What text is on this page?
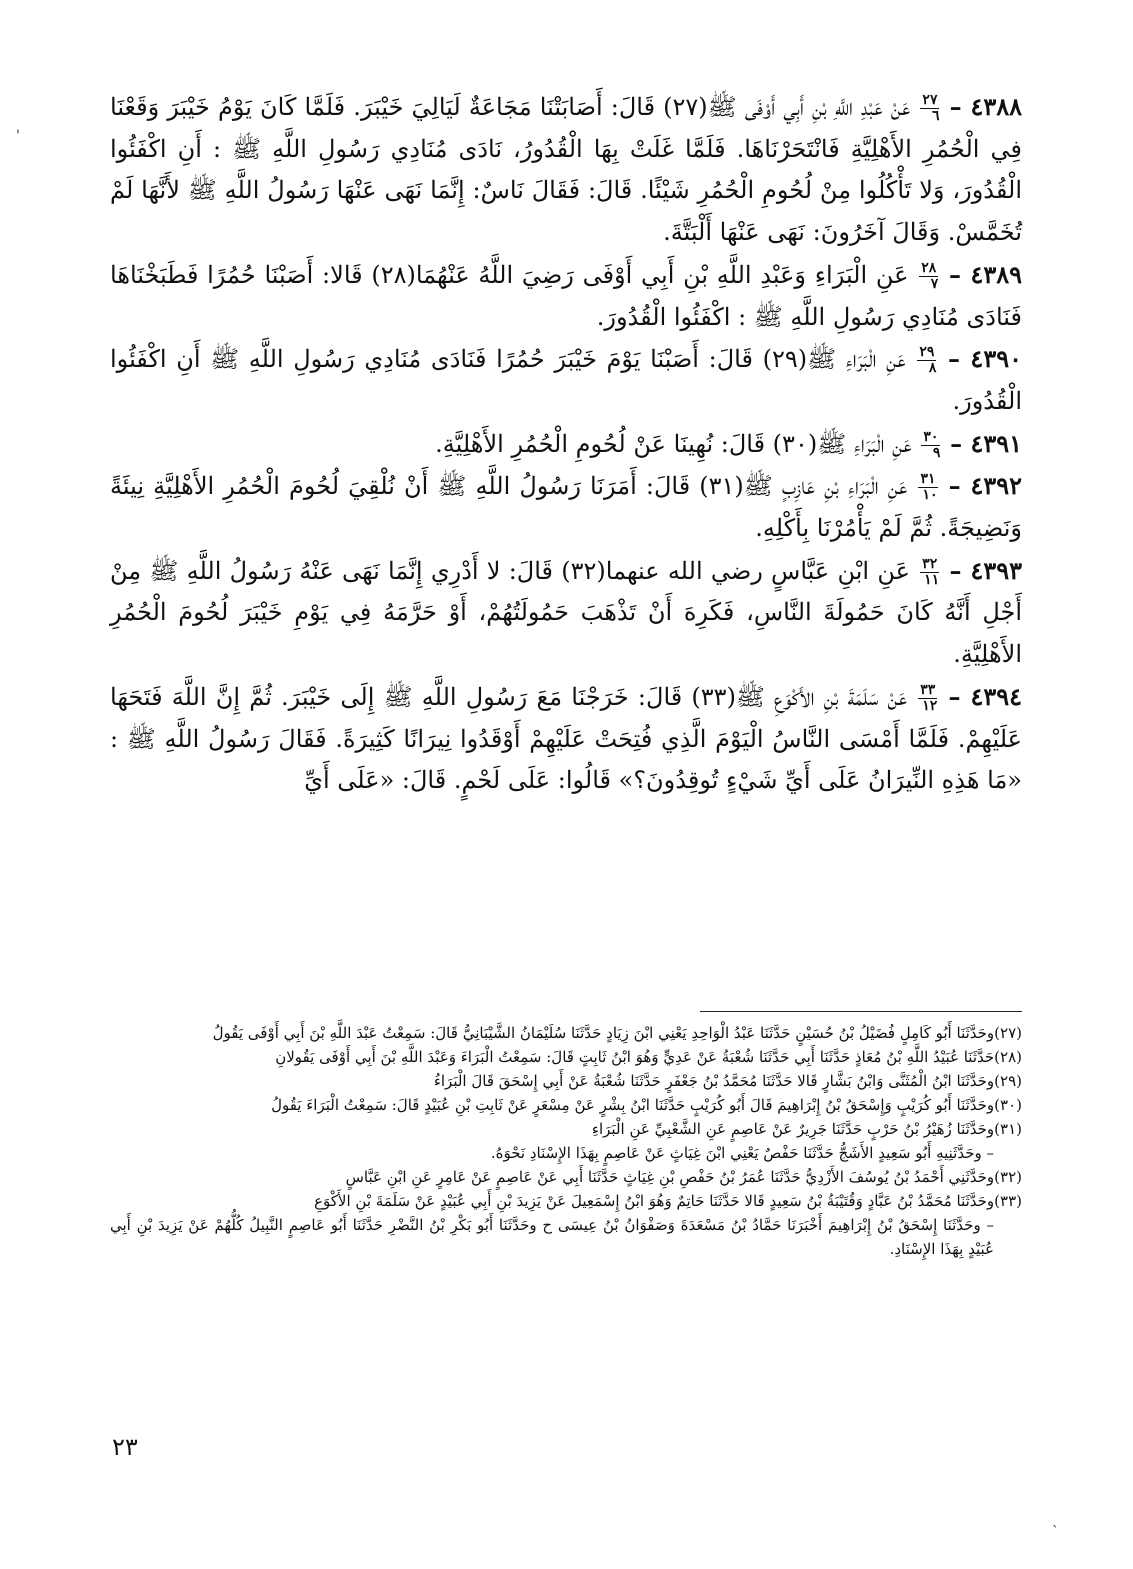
'
`

٤٣٨٨ –
$\frac{٢٧}{٦}$
عَنْ عَبْدِ اللَّهِ بْنِ أَبِي أَوْفَى ﷺ(٢٧) قَالَ: أَصَابَتْنَا مَجَاعَةٌ لَيَالِيَ خَيْبَرَ. فَلَمَّا كَانَ يَوْمُ خَيْبَرَ وَقَعْنَا فِي الْحُمُرِ الأَهْلِيَّةِ فَانْتَحَرْنَاهَا. فَلَمَّا غَلَتْ بِهَا الْقُدُورُ، نَادَى مُنَادِي رَسُولِ اللَّهِ ﷺ : أَنِ اكْفَئُوا الْقُدُورَ، وَلا تَأْكُلُوا مِنْ لُحُومِ الْحُمُرِ شَيْئًا. قَالَ: فَقَالَ نَاسٌ: إِنَّمَا نَهَى عَنْهَا رَسُولُ اللَّهِ ﷺ لأَنَّهَا لَمْ تُخَمَّسْ. وَقَالَ آخَرُونَ: نَهَى عَنْهَا أَلْبَتَّةَ.

٤٣٨٩ –
$\frac{٢٨}{٧}$
عَنِ الْبَرَاءِ وَعَبْدِ اللَّهِ بْنِ أَبِي أَوْفَى رَضِيَ اللَّهُ عَنْهُمَا(٢٨) قَالا: أَصَبْنَا حُمُرًا فَطَبَخْنَاهَا فَنَادَى مُنَادِي رَسُولِ اللَّهِ ﷺ : اكْفَئُوا الْقُدُورَ.

٤٣٩٠ –
$\frac{٢٩}{٨}$
عَنِ الْبَرَاءِ ﷺ(٢٩) قَالَ: أَصَبْنَا يَوْمَ خَيْبَرَ حُمُرًا فَنَادَى مُنَادِي رَسُولِ اللَّهِ ﷺ أَنِ اكْفَئُوا الْقُدُورَ.

٤٣٩١ –
$\frac{٣٠}{٩}$
عَنِ الْبَرَاءِ ﷺ(٣٠) قَالَ: نُهِينَا عَنْ لُحُومِ الْحُمُرِ الأَهْلِيَّةِ.

٤٣٩٢ –
$\frac{٣١}{١٠}$
عَنِ الْبَرَاءِ بْنِ عَازِبٍ ﷺ(٣١) قَالَ: أَمَرَنَا رَسُولُ اللَّهِ ﷺ أَنْ نُلْقِيَ لُحُومَ الْحُمُرِ الأَهْلِيَّةِ نِيئَةً وَنَضِيجَةً. ثُمَّ لَمْ يَأْمُرْنَا بِأَكْلِهِ.

٤٣٩٣ –
$\frac{٣٢}{١١}$
عَنِ ابْنِ عَبَّاسٍ رضي الله عنهما(٣٢) قَالَ: لا أَدْرِي إِنَّمَا نَهَى عَنْهُ رَسُولُ اللَّهِ ﷺ مِنْ أَجْلِ أَنَّهُ كَانَ حَمُولَةَ النَّاسِ، فَكَرِهَ أَنْ تَذْهَبَ حَمُولَتُهُمْ، أَوْ حَرَّمَهُ فِي يَوْمِ خَيْبَرَ لُحُومَ الْحُمُرِ الأَهْلِيَّةِ.

٤٣٩٤ –
$\frac{٣٣}{١٢}$
عَنْ سَلَمَةَ بْنِ الأَكْوَعِ ﷺ(٣٣) قَالَ: خَرَجْنَا مَعَ رَسُولِ اللَّهِ ﷺ إِلَى خَيْبَرَ. ثُمَّ إِنَّ اللَّهَ فَتَحَهَا عَلَيْهِمْ. فَلَمَّا أَمْسَى النَّاسُ الْيَوْمَ الَّذِي فُتِحَتْ عَلَيْهِمْ أَوْقَدُوا نِيرَانًا كَثِيرَةً. فَقَالَ رَسُولُ اللَّهِ ﷺ : «مَا هَذِهِ النِّيرَانُ عَلَى أَيِّ شَيْءٍ تُوقِدُونَ؟» قَالُوا: عَلَى لَحْمٍ. قَالَ: «عَلَى أَيِّ

(٢٧)وحَدَّثَنَا أَبُو كَامِلٍ فُضَيْلُ بْنُ حُسَيْنٍ حَدَّثَنَا عَبْدُ الْوَاحِدِ يَعْنِي ابْنَ زِيَادٍ حَدَّثَنَا سُلَيْمَانُ الشَّيْبَانِيُّ قَالَ: سَمِعْتُ عَبْدَ اللَّهِ بْنَ أَبِي أَوْفَى يَقُولُ

(٢٨)حَدَّثَنَا عُبَيْدُ اللَّهِ بْنُ مُعَاذٍ حَدَّثَنَا أَبِي حَدَّثَنَا شُعْبَةُ عَنْ عَدِيٍّ وَهُوَ ابْنُ ثَابِتٍ قَالَ: سَمِعْتُ الْبَرَاءَ وَعَبْدَ اللَّهِ بْنَ أَبِي أَوْفَى يَقُولانِ

(٢٩)وحَدَّثَنَا ابْنُ الْمُثَنَّى وَابْنُ بَشَّارٍ قَالا حَدَّثَنَا مُحَمَّدُ بْنُ جَعْفَرٍ حَدَّثَنَا شُعْبَةُ عَنْ أَبِي إِسْحَقَ قَالَ الْبَرَاءُ

(٣٠)وحَدَّثَنَا أَبُو كُرَيْبٍ وَإِسْحَقُ بْنُ إِبْرَاهِيمَ قَالَ أَبُو كُرَيْبٍ حَدَّثَنَا ابْنُ بِشْرٍ عَنْ مِسْعَرٍ عَنْ ثَابِتِ بْنِ عُبَيْدٍ قَالَ: سَمِعْتُ الْبَرَاءَ يَقُولُ

(٣١)وحَدَّثَنَا زُهَيْرُ بْنُ حَرْبٍ حَدَّثَنَا جَرِيرٌ عَنْ عَاصِمٍ عَنِ الشَّعْبِيِّ عَنِ الْبَرَاءِ

– وحَدَّثَنِيهِ أَبُو سَعِيدٍ الأَشَجُّ حَدَّثَنَا حَفْصٌ يَعْنِي ابْنَ غِيَاثٍ عَنْ عَاصِمٍ بِهَذَا الإِسْنَادِ نَحْوَهُ.

(٣٢)وحَدَّثَنِي أَحْمَدُ بْنُ يُوسُفَ الأَزْدِيُّ حَدَّثَنَا عُمَرُ بْنُ حَفْصِ بْنِ غِيَاثٍ حَدَّثَنَا أَبِي عَنْ عَاصِمٍ عَنْ عَامِرٍ عَنِ ابْنِ عَبَّاسٍ

(٣٣)وحَدَّثَنَا مُحَمَّدُ بْنُ عَبَّادٍ وَقُتَيْبَةُ بْنُ سَعِيدٍ قَالا حَدَّثَنَا حَاتِمٌ وَهُوَ ابْنُ إِسْمَعِيلَ عَنْ يَزِيدَ بْنِ أَبِي عُبَيْدٍ عَنْ سَلَمَةَ بْنِ الأَكْوَعِ

– وحَدَّثَنَا إِسْحَقُ بْنُ إِبْرَاهِيمَ أَخْبَرَنَا حَمَّادُ بْنُ مَسْعَدَةَ وَصَفْوَانُ بْنُ عِيسَى ح وحَدَّثَنَا أَبُو بَكْرِ بْنُ النَّضْرِ حَدَّثَنَا أَبُو عَاصِمٍ النَّبِيلُ كُلُّهُمْ عَنْ يَزِيدَ بْنِ أَبِي عُبَيْدٍ بِهَذَا الإِسْنَادِ.

٢٣
